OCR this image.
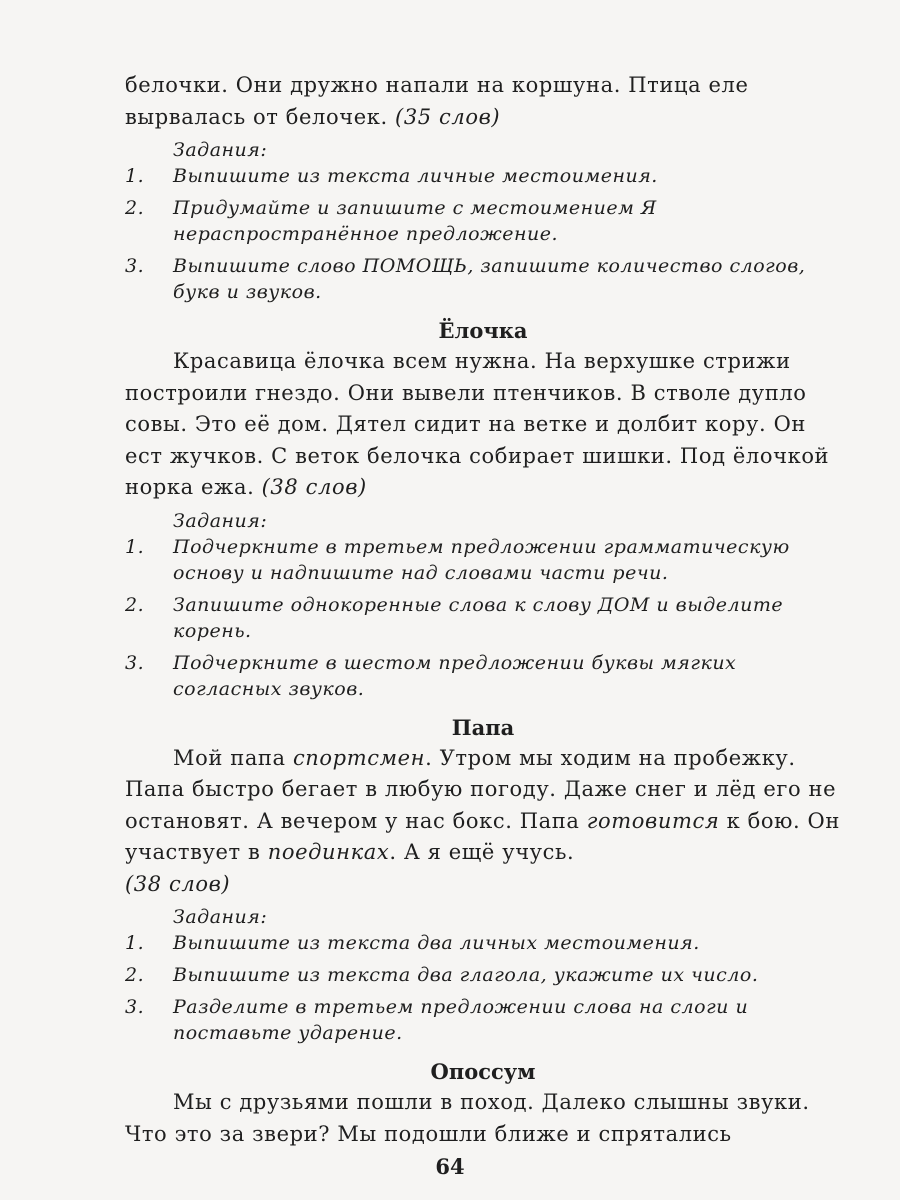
белочки. Они дружно напали на коршуна. Птица еле вырвалась от белочек. (35 слов)

Задания:
1. Выпишите из текста личные местоимения.
2. Придумайте и запишите с местоимением Я нераспространённое предложение.
3. Выпишите слово ПОМОЩЬ, запишите количество слогов, букв и звуков.
Ёлочка

Красавица ёлочка всем нужна. На верхушке стрижи построили гнездо. Они вывели птенчиков. В стволе дупло совы. Это её дом. Дятел сидит на ветке и долбит кору. Он ест жучков. С веток белочка собирает шишки. Под ёлочкой норка ежа. (38 слов)

Задания:
1. Подчеркните в третьем предложении грамматическую основу и надпишите над словами части речи.
2. Запишите однокоренные слова к слову ДОМ и выделите корень.
3. Подчеркните в шестом предложении буквы мягких согласных звуков.
Папа

Мой папа спортсмен. Утром мы ходим на пробежку. Папа быстро бегает в любую погоду. Даже снег и лёд его не остановят. А вечером у нас бокс. Папа готовится к бою. Он участвует в поединках. А я ещё учусь.

(38 слов)

Задания:
1. Выпишите из текста два личных местоимения.
2. Выпишите из текста два глагола, укажите их число.
3. Разделите в третьем предложении слова на слоги и поставьте ударение.
Опоссум

Мы с друзьями пошли в поход. Далеко слышны звуки. Что это за звери? Мы подошли ближе и спрятались

64
